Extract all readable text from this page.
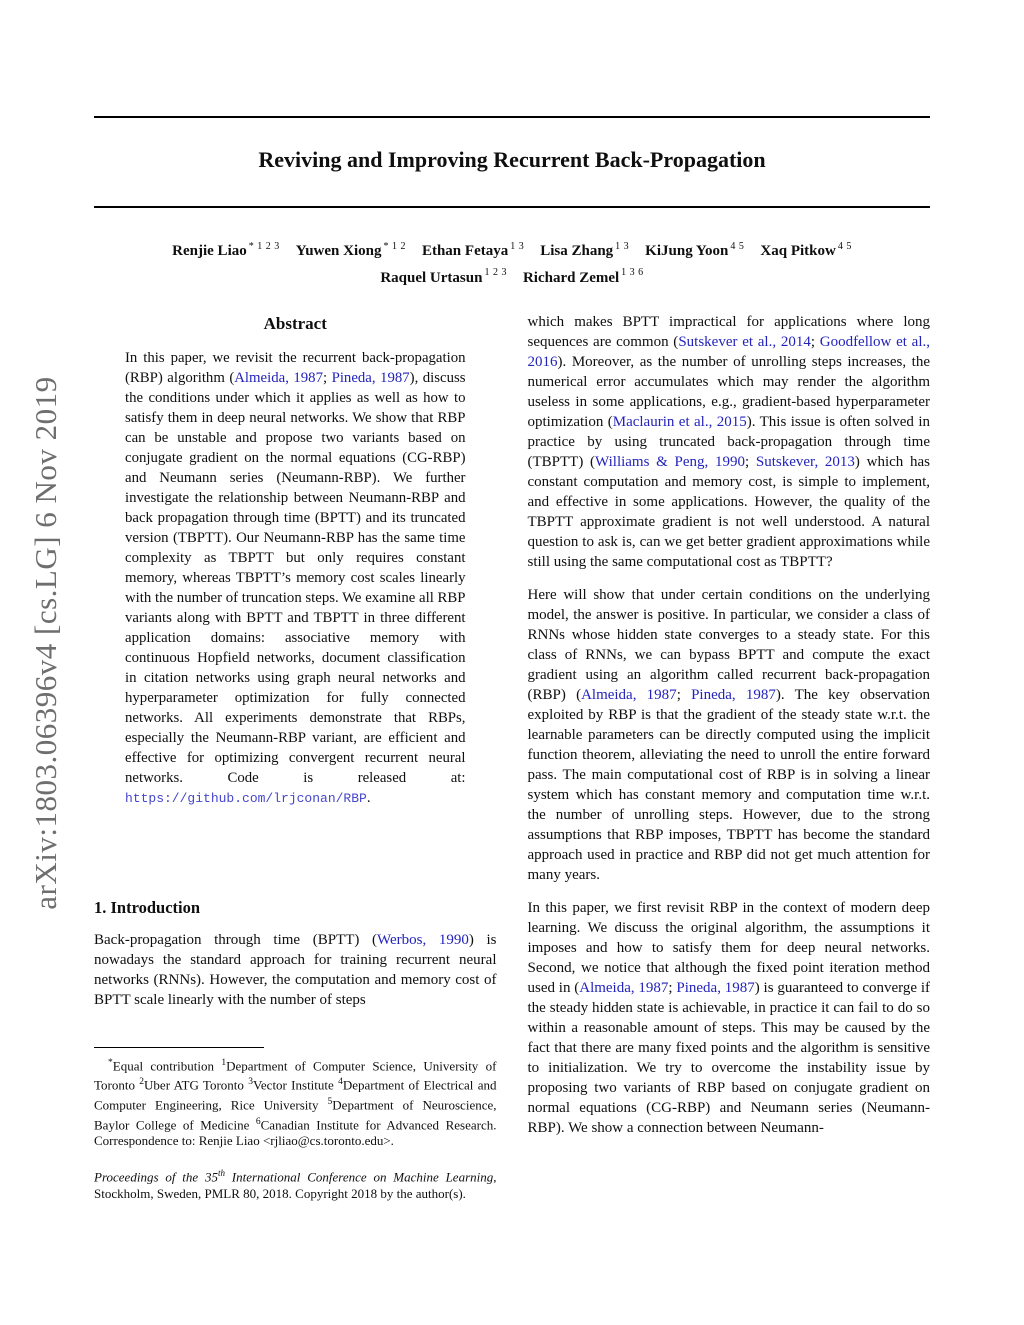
arXiv:1803.06396v4 [cs.LG] 6 Nov 2019
Reviving and Improving Recurrent Back-Propagation
Renjie Liao $^{* 1 2 3}$ Yuwen Xiong $^{* 1 2}$ Ethan Fetaya $^{1 3}$ Lisa Zhang $^{1 3}$ KiJung Yoon $^{4 5}$ Xaq Pitkow $^{4 5}$
Raquel Urtasun $^{1 2 3}$ Richard Zemel $^{1 3 6}$
Abstract

In this paper, we revisit the recurrent back-propagation (RBP) algorithm (Almeida, 1987; Pineda, 1987), discuss the conditions under which it applies as well as how to satisfy them in deep neural networks. We show that RBP can be unstable and propose two variants based on conjugate gradient on the normal equations (CG-RBP) and Neumann series (Neumann-RBP). We further investigate the relationship between Neumann-RBP and back propagation through time (BPTT) and its truncated version (TBPTT). Our Neumann-RBP has the same time complexity as TBPTT but only requires constant memory, whereas TBPTT’s memory cost scales linearly with the number of truncation steps. We examine all RBP variants along with BPTT and TBPTT in three different application domains: associative memory with continuous Hopfield networks, document classification in citation networks using graph neural networks and hyperparameter optimization for fully connected networks. All experiments demonstrate that RBPs, especially the Neumann-RBP variant, are efficient and effective for optimizing convergent recurrent neural networks. Code is released at: https://github.com/lrjconan/RBP.

1. Introduction

Back-propagation through time (BPTT) (Werbos, 1990) is nowadays the standard approach for training recurrent neural networks (RNNs). However, the computation and memory cost of BPTT scale linearly with the number of steps

*Equal contribution $^1$Department of Computer Science, University of Toronto $^2$Uber ATG Toronto $^3$Vector Institute $^4$Department of Electrical and Computer Engineering, Rice University $^5$Department of Neuroscience, Baylor College of Medicine $^6$Canadian Institute for Advanced Research. Correspondence to: Renjie Liao <rjliao@cs.toronto.edu>.

Proceedings of the 35th International Conference on Machine Learning, Stockholm, Sweden, PMLR 80, 2018. Copyright 2018 by the author(s).

which makes BPTT impractical for applications where long sequences are common (Sutskever et al., 2014; Goodfellow et al., 2016). Moreover, as the number of unrolling steps increases, the numerical error accumulates which may render the algorithm useless in some applications, e.g., gradient-based hyperparameter optimization (Maclaurin et al., 2015). This issue is often solved in practice by using truncated back-propagation through time (TBPTT) (Williams & Peng, 1990; Sutskever, 2013) which has constant computation and memory cost, is simple to implement, and effective in some applications. However, the quality of the TBPTT approximate gradient is not well understood. A natural question to ask is, can we get better gradient approximations while still using the same computational cost as TBPTT?

Here will show that under certain conditions on the underlying model, the answer is positive. In particular, we consider a class of RNNs whose hidden state converges to a steady state. For this class of RNNs, we can bypass BPTT and compute the exact gradient using an algorithm called recurrent back-propagation (RBP) (Almeida, 1987; Pineda, 1987). The key observation exploited by RBP is that the gradient of the steady state w.r.t. the learnable parameters can be directly computed using the implicit function theorem, alleviating the need to unroll the entire forward pass. The main computational cost of RBP is in solving a linear system which has constant memory and computation time w.r.t. the number of unrolling steps. However, due to the strong assumptions that RBP imposes, TBPTT has become the standard approach used in practice and RBP did not get much attention for many years.

In this paper, we first revisit RBP in the context of modern deep learning. We discuss the original algorithm, the assumptions it imposes and how to satisfy them for deep neural networks. Second, we notice that although the fixed point iteration method used in (Almeida, 1987; Pineda, 1987) is guaranteed to converge if the steady hidden state is achievable, in practice it can fail to do so within a reasonable amount of steps. This may be caused by the fact that there are many fixed points and the algorithm is sensitive to initialization. We try to overcome the instability issue by proposing two variants of RBP based on conjugate gradient on normal equations (CG-RBP) and Neumann series (Neumann-RBP). We show a connection between Neumann-
